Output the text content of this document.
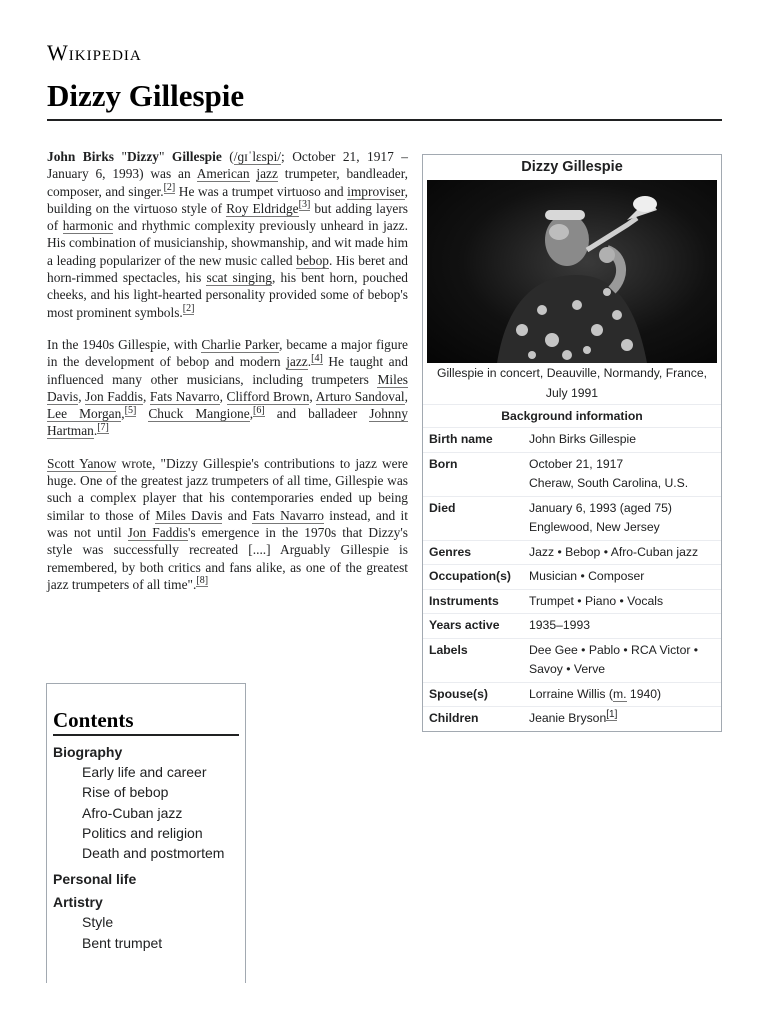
Wikipedia
Dizzy Gillespie

John Birks "Dizzy" Gillespie (/ɡɪˈlɛspi/; October 21, 1917 – January 6, 1993) was an American jazz trumpeter, bandleader, composer, and singer.[2] He was a trumpet virtuoso and improviser, building on the virtuoso style of Roy Eldridge[3] but adding layers of harmonic and rhythmic complexity previously unheard in jazz. His combination of musicianship, showmanship, and wit made him a leading popularizer of the new music called bebop. His beret and horn-rimmed spectacles, his scat singing, his bent horn, pouched cheeks, and his light-hearted personality provided some of bebop's most prominent symbols.[2]

In the 1940s Gillespie, with Charlie Parker, became a major figure in the development of bebop and modern jazz.[4] He taught and influenced many other musicians, including trumpeters Miles Davis, Jon Faddis, Fats Navarro, Clifford Brown, Arturo Sandoval, Lee Morgan,[5] Chuck Mangione,[6] and balladeer Johnny Hartman.[7]

Scott Yanow wrote, "Dizzy Gillespie's contributions to jazz were huge. One of the greatest jazz trumpeters of all time, Gillespie was such a complex player that his contemporaries ended up being similar to those of Miles Davis and Fats Navarro instead, and it was not until Jon Faddis's emergence in the 1970s that Dizzy's style was successfully recreated [....] Arguably Gillespie is remembered, by both critics and fans alike, as one of the greatest jazz trumpeters of all time".[8]

Contents
Biography
Early life and career
Rise of bebop
Afro-Cuban jazz
Politics and religion
Death and postmortem
Personal life
Artistry
Style
Bent trumpet
Dizzy Gillespie
Gillespie in concert, Deauville, Normandy, France, July 1991
Background information
Birth name	John Birks Gillespie
Born	October 21, 1917
Cheraw, South Carolina, U.S.
Died	January 6, 1993 (aged 75)
Englewood, New Jersey
Genres	Jazz • Bebop • Afro-Cuban jazz
Occupation(s)	Musician • Composer
Instruments	Trumpet • Piano • Vocals
Years active	1935–1993
Labels	Dee Gee • Pablo • RCA Victor • Savoy • Verve
Spouse(s)	Lorraine Willis (m. 1940)
Children	Jeanie Bryson[1]
